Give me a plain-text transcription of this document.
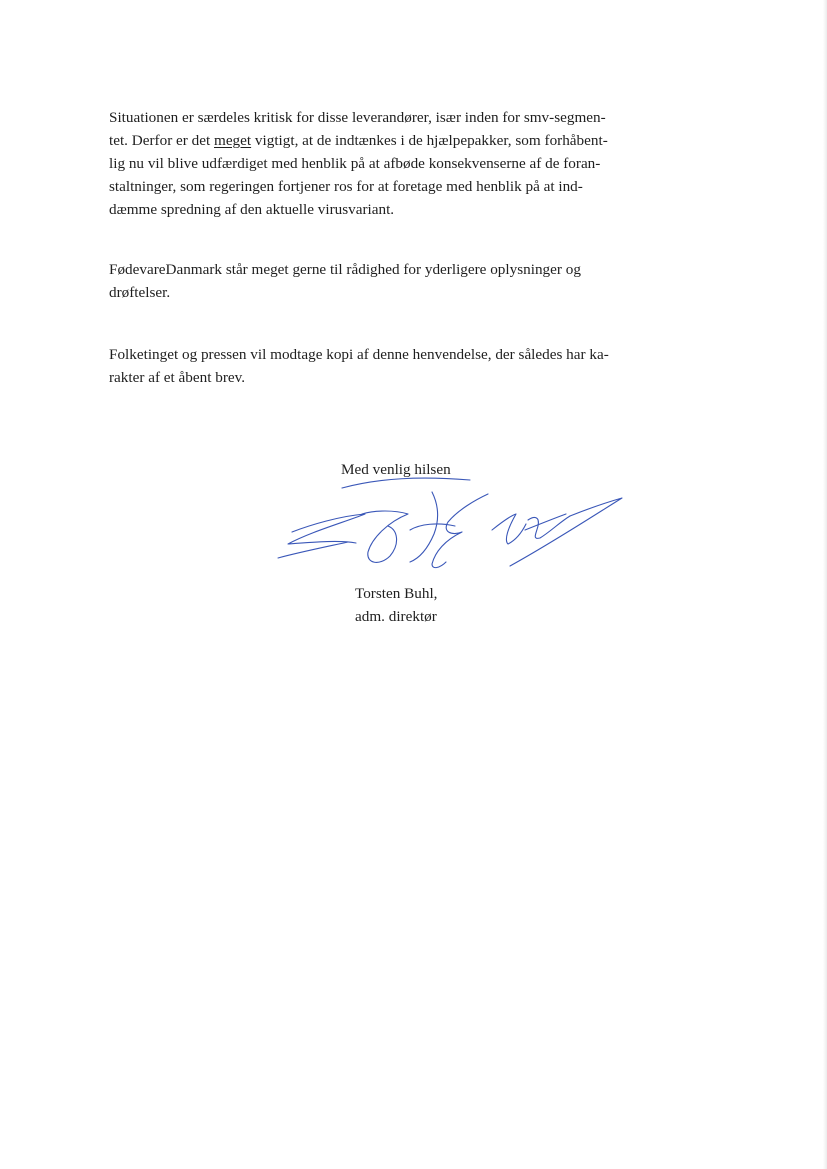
Situationen er særdeles kritisk for disse leverandører, især inden for smv-segmen-
tet. Derfor er det meget vigtigt, at de indtænkes i de hjælpepakker, som forhåbent-
lig nu vil blive udfærdiget med henblik på at afbøde konsekvenserne af de foran-
staltninger, som regeringen fortjener ros for at foretage med henblik på at ind-
dæmme spredning af den aktuelle virusvariant.

FødevareDanmark står meget gerne til rådighed for yderligere oplysninger og
drøftelser.

Folketinget og pressen vil modtage kopi af denne henvendelse, der således har ka-
rakter af et åbent brev.

Med venlig hilsen
Torsten Buhl,
adm. direktør
